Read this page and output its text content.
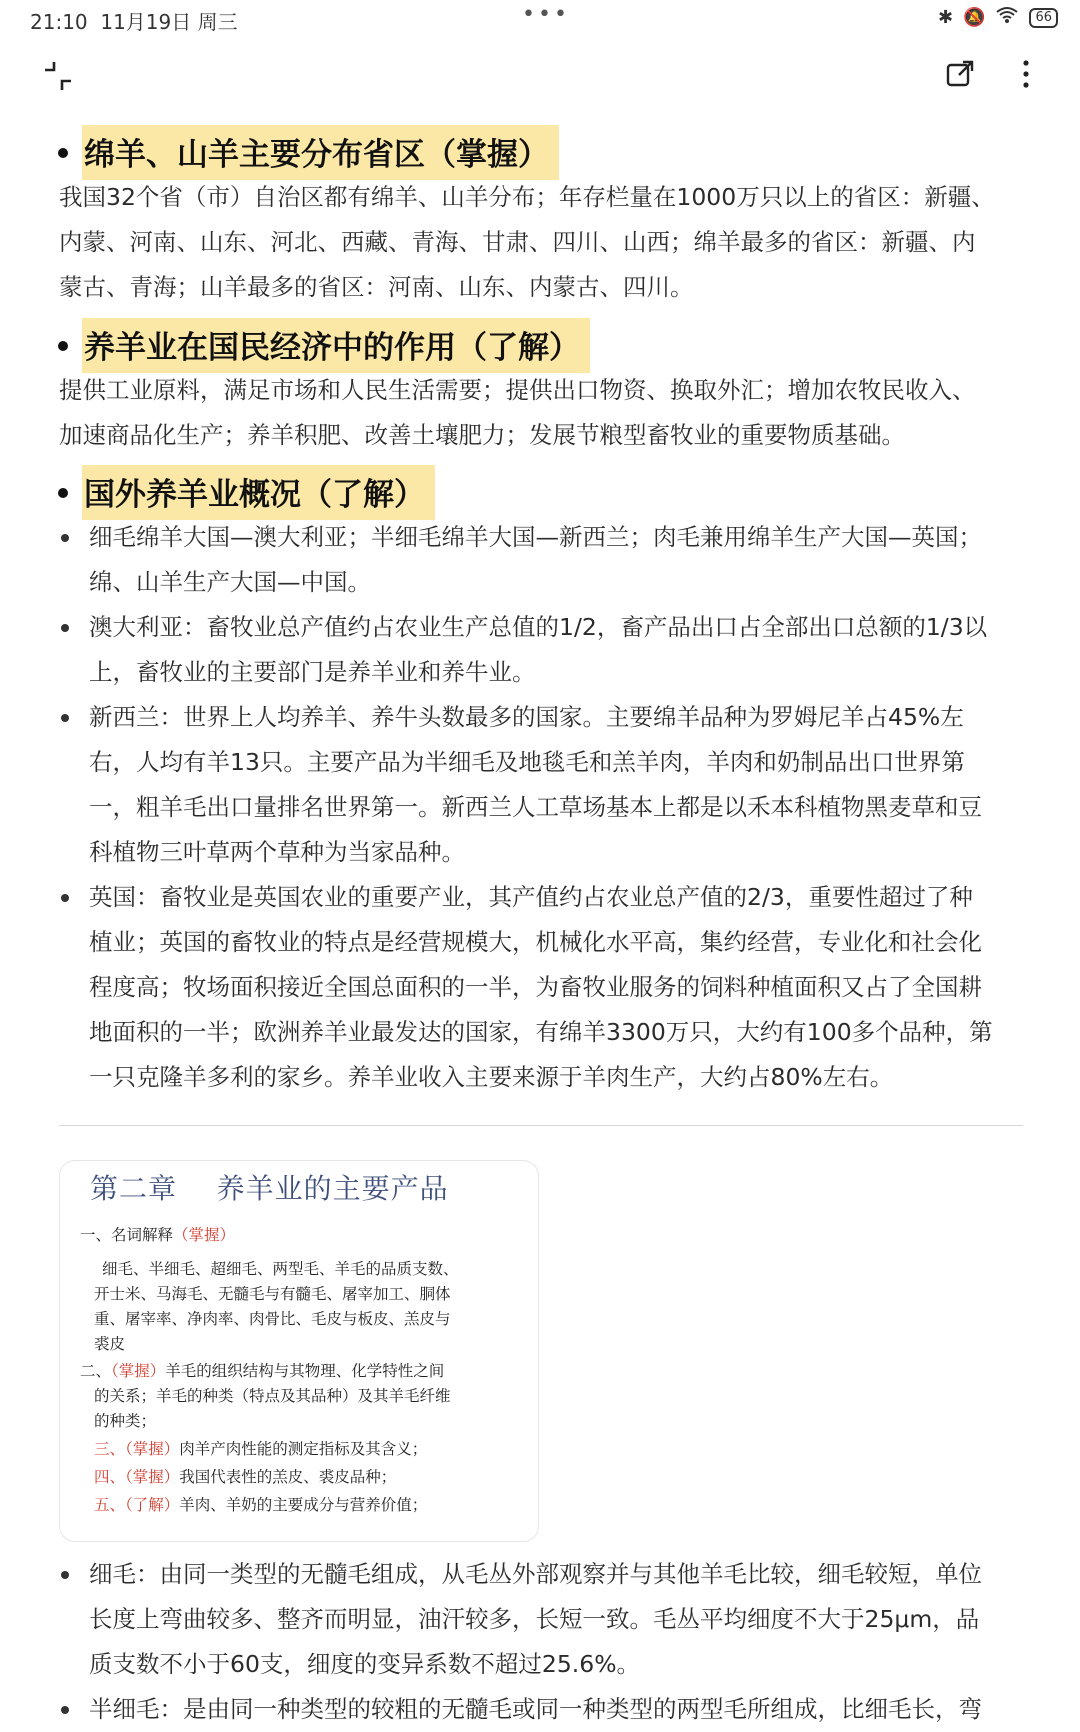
21:10 11月19日 周三	•••	✱ 🔕	66
绵羊、山羊主要分布省区（掌握）
我国32个省（市）自治区都有绵羊、山羊分布；年存栏量在1000万只以上的省区：新疆、
内蒙、河南、山东、河北、西藏、青海、甘肃、四川、山西；绵羊最多的省区：新疆、内
蒙古、青海；山羊最多的省区：河南、山东、内蒙古、四川。
养羊业在国民经济中的作用（了解）
提供工业原料，满足市场和人民生活需要；提供出口物资、换取外汇；增加农牧民收入、
加速商品化生产；养羊积肥、改善土壤肥力；发展节粮型畜牧业的重要物质基础。
国外养羊业概况（了解）
细毛绵羊大国—澳大利亚；半细毛绵羊大国—新西兰；肉毛兼用绵羊生产大国—英国；
绵、山羊生产大国—中国。
澳大利亚：畜牧业总产值约占农业生产总值的1/2，畜产品出口占全部出口总额的1/3以
上，畜牧业的主要部门是养羊业和养牛业。
新西兰：世界上人均养羊、养牛头数最多的国家。主要绵羊品种为罗姆尼羊占45%左
右，人均有羊13只。主要产品为半细毛及地毯毛和羔羊肉，羊肉和奶制品出口世界第
一，粗羊毛出口量排名世界第一。新西兰人工草场基本上都是以禾本科植物黑麦草和豆
科植物三叶草两个草种为当家品种。
英国：畜牧业是英国农业的重要产业，其产值约占农业总产值的2/3，重要性超过了种
植业；英国的畜牧业的特点是经营规模大，机械化水平高，集约经营，专业化和社会化
程度高；牧场面积接近全国总面积的一半，为畜牧业服务的饲料种植面积又占了全国耕
地面积的一半；欧洲养羊业最发达的国家，有绵羊3300万只，大约有100多个品种，第
一只克隆羊多利的家乡。养羊业收入主要来源于羊肉生产，大约占80%左右。
第二章    养羊业的主要产品
一、名词解释（掌握）
细毛、半细毛、超细毛、两型毛、羊毛的品质支数、
开士米、马海毛、无髓毛与有髓毛、屠宰加工、胴体
重、屠宰率、净肉率、肉骨比、毛皮与板皮、羔皮与
裘皮
二、（掌握）羊毛的组织结构与其物理、化学特性之间
的关系；羊毛的种类（特点及其品种）及其羊毛纤维
的种类；
三、（掌握）肉羊产肉性能的测定指标及其含义；
四、（掌握）我国代表性的羔皮、裘皮品种；
五、（了解）羊肉、羊奶的主要成分与营养价值；
细毛：由同一类型的无髓毛组成，从毛丛外部观察并与其他羊毛比较，细毛较短，单位
长度上弯曲较多、整齐而明显，油汗较多，长短一致。毛丛平均细度不大于25μm，品
质支数不小于60支，细度的变异系数不超过25.6%。
半细毛：是由同一种类型的较粗的无髓毛或同一种类型的两型毛所组成，比细毛长，弯
